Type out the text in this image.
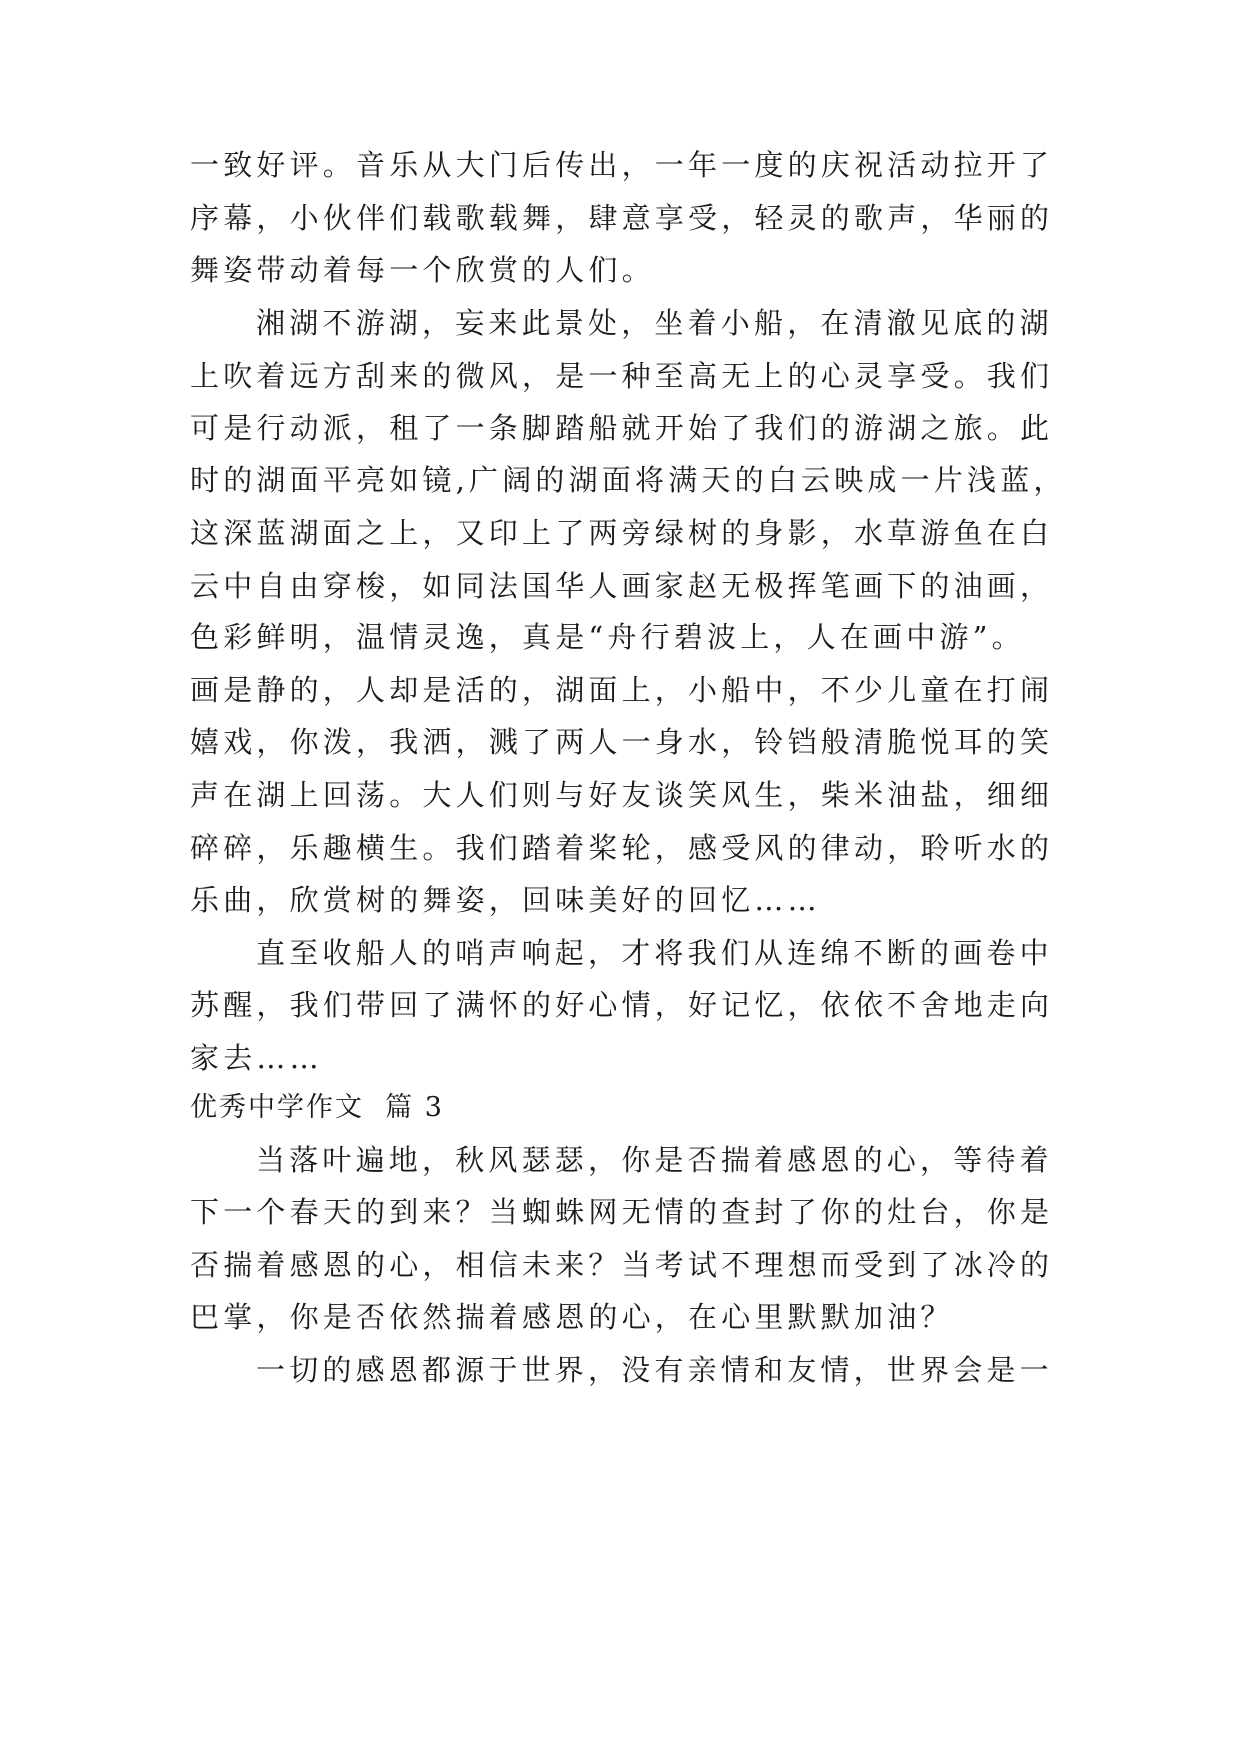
一致好评。音乐从大门后传出，一年一度的庆祝活动拉开了
序幕，小伙伴们载歌载舞，肆意享受，轻灵的歌声，华丽的
舞姿带动着每一个欣赏的人们。
湘湖不游湖，妄来此景处，坐着小船，在清澈见底的湖
上吹着远方刮来的微风，是一种至高无上的心灵享受。我们
可是行动派，租了一条脚踏船就开始了我们的游湖之旅。此
时的湖面平亮如镜,广阔的湖面将满天的白云映成一片浅蓝，
这深蓝湖面之上，又印上了两旁绿树的身影，水草游鱼在白
云中自由穿梭，如同法国华人画家赵无极挥笔画下的油画，
色彩鲜明，温情灵逸，真是“舟行碧波上，人在画中游”。
画是静的，人却是活的，湖面上，小船中，不少儿童在打闹
嬉戏，你泼，我洒，溅了两人一身水，铃铛般清脆悦耳的笑
声在湖上回荡。大人们则与好友谈笑风生，柴米油盐，细细
碎碎，乐趣横生。我们踏着桨轮，感受风的律动，聆听水的
乐曲，欣赏树的舞姿，回味美好的回忆……
直至收船人的哨声响起，才将我们从连绵不断的画卷中
苏醒，我们带回了满怀的好心情，好记忆，依依不舍地走向
家去……
优秀中学作文  篇 3
当落叶遍地，秋风瑟瑟，你是否揣着感恩的心，等待着
下一个春天的到来？当蜘蛛网无情的查封了你的灶台，你是
否揣着感恩的心，相信未来？当考试不理想而受到了冰冷的
巴掌，你是否依然揣着感恩的心，在心里默默加油？
一切的感恩都源于世界，没有亲情和友情，世界会是一
